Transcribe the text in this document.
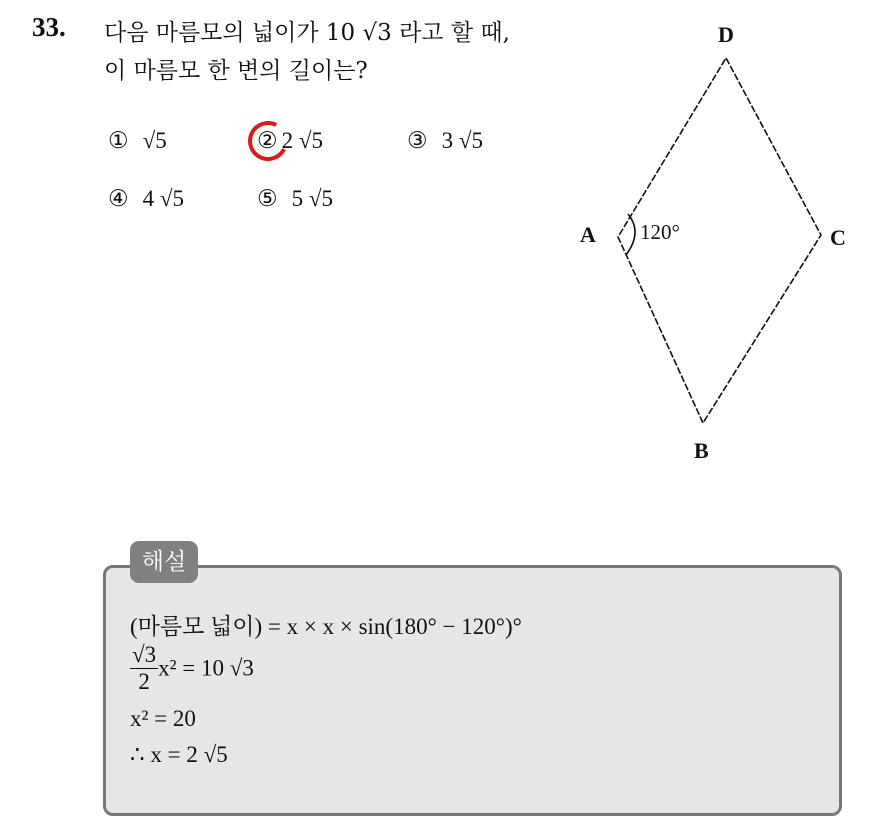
33. 다음 마름모의 넓이가 10 √3 라고 할 때,
이 마름모 한 변의 길이는?
① √5	② 2 √5	③ 3 √5
④ 4 √5	⑤ 5 √5
D
A	C
B
120°
해설
(마름모 넓이) = x × x × sin(180° − 120°)°
$\frac{√3}{2} x^2 = 10$ √3
x² = 20
∴ x = 2 √5
